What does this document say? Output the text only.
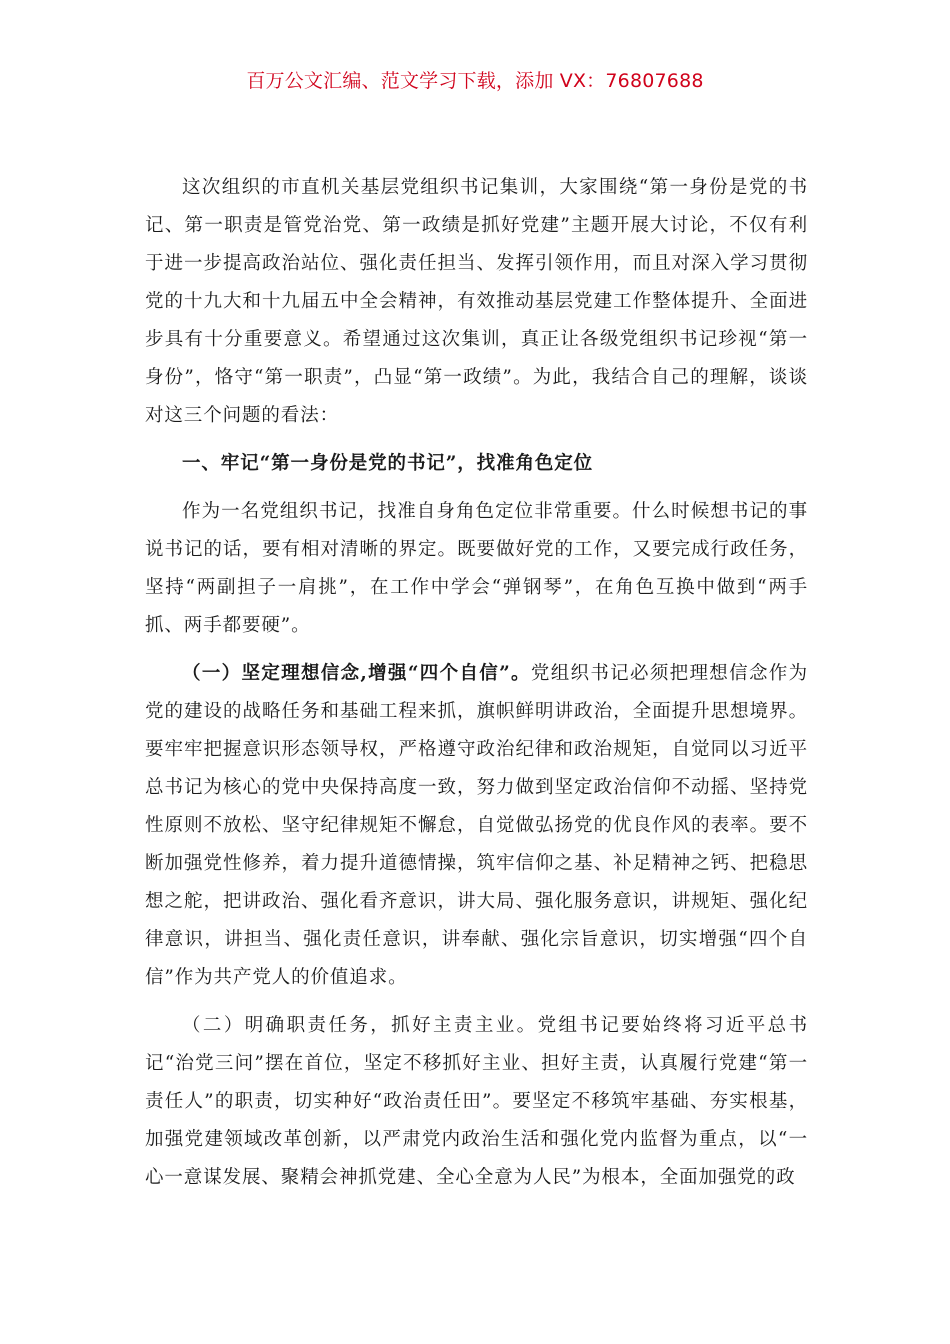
百万公文汇编、范文学习下载，添加 VX：76807688

这次组织的市直机关基层党组织书记集训，大家围绕“第一身份是党的书记、第一职责是管党治党、第一政绩是抓好党建”主题开展大讨论，不仅有利于进一步提高政治站位、强化责任担当、发挥引领作用，而且对深入学习贯彻党的十九大和十九届五中全会精神，有效推动基层党建工作整体提升、全面进步具有十分重要意义。希望通过这次集训，真正让各级党组织书记珍视“第一身份”，恪守“第一职责”，凸显“第一政绩”。为此，我结合自己的理解，谈谈对这三个问题的看法：

一、牢记“第一身份是党的书记”，找准角色定位

作为一名党组织书记，找准自身角色定位非常重要。什么时候想书记的事说书记的话，要有相对清晰的界定。既要做好党的工作，又要完成行政任务，坚持“两副担子一肩挑”，在工作中学会“弹钢琴”，在角色互换中做到“两手抓、两手都要硬”。

（一）坚定理想信念,增强“四个自信”。党组织书记必须把理想信念作为党的建设的战略任务和基础工程来抓，旗帜鲜明讲政治，全面提升思想境界。要牢牢把握意识形态领导权，严格遵守政治纪律和政治规矩，自觉同以习近平总书记为核心的党中央保持高度一致，努力做到坚定政治信仰不动摇、坚持党性原则不放松、坚守纪律规矩不懈怠，自觉做弘扬党的优良作风的表率。要不断加强党性修养，着力提升道德情操，筑牢信仰之基、补足精神之钙、把稳思想之舵，把讲政治、强化看齐意识，讲大局、强化服务意识，讲规矩、强化纪律意识，讲担当、强化责任意识，讲奉献、强化宗旨意识，切实增强“四个自信”作为共产党人的价值追求。

（二）明确职责任务，抓好主责主业。党组书记要始终将习近平总书记“治党三问”摆在首位，坚定不移抓好主业、担好主责，认真履行党建“第一责任人”的职责，切实种好“政治责任田”。要坚定不移筑牢基础、夯实根基，加强党建领域改革创新，以严肃党内政治生活和强化党内监督为重点，以“一心一意谋发展、聚精会神抓党建、全心全意为人民”为根本，全面加强党的政
